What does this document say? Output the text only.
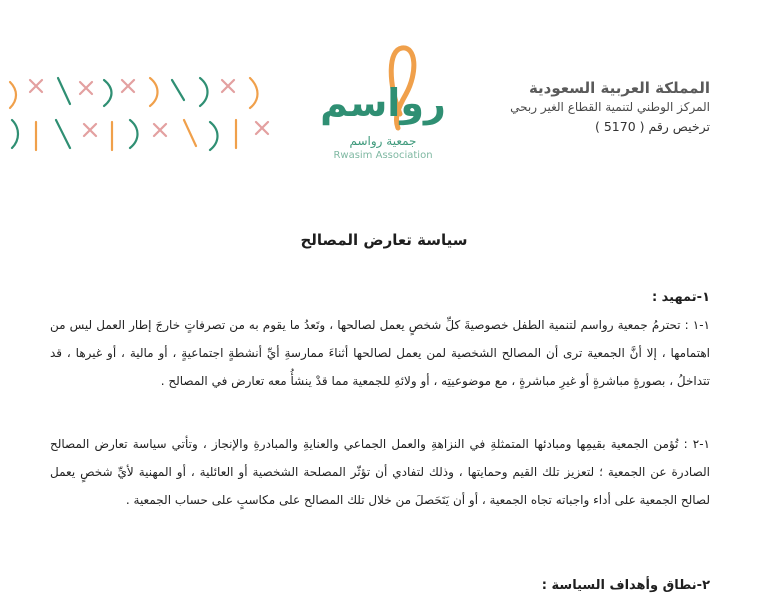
المملكة العربية السعودية
المركز الوطني لتنمية القطاع الغير ربحي
ترخيص رقم ( 5170 )
رواسم
جمعية رواسم
Rwasim Association
سياسة تعارض المصالح
١-تمهيد :

١-١ : تحترمُ جمعية رواسم لتنمية الطفل خصوصيةَ كلِّ شخصٍ يعمل لصالحها ، وتَعدُ ما يقوم به من تصرفاتٍ خارجَ إطار العمل ليس من اهتمامها ، إلا أنَّ الجمعية ترى أن المصالح الشخصية لمن يعمل لصالحها أثناءَ ممارسةِ أيِّ أنشطةٍ اجتماعيةٍ ، أو مالية ، أو غيرها ، قد تتداخلُ ، بصورةٍ مباشرةٍ أو غيرِ مباشرةٍ ، مع موضوعيتِه ، أو ولائهِ للجمعية مما قدْ ينشأُ معه تعارض في المصالح .

١-٢ : تُؤمن الجمعية بقيمِها ومبادئها المتمثلةِ في النزاهةِ والعمل الجماعي والعنايةِ والمبادرةِ والإنجاز ، وتأتي سياسة تعارض المصالح الصادرة عن الجمعية ؛ لتعزيز تلك القيم وحمايتها ، وذلك لتفادي أن تؤثّر المصلحة الشخصية أو العائلية ، أو المهنية لأيِّ شخصٍ يعمل لصالح الجمعية على أداء واجباته تجاه الجمعية ، أو أن يَتَحَصلَ من خلال تلك المصالح على مكاسبٍ على حساب الجمعية .

٢-نطاق وأهداف السياسة :
